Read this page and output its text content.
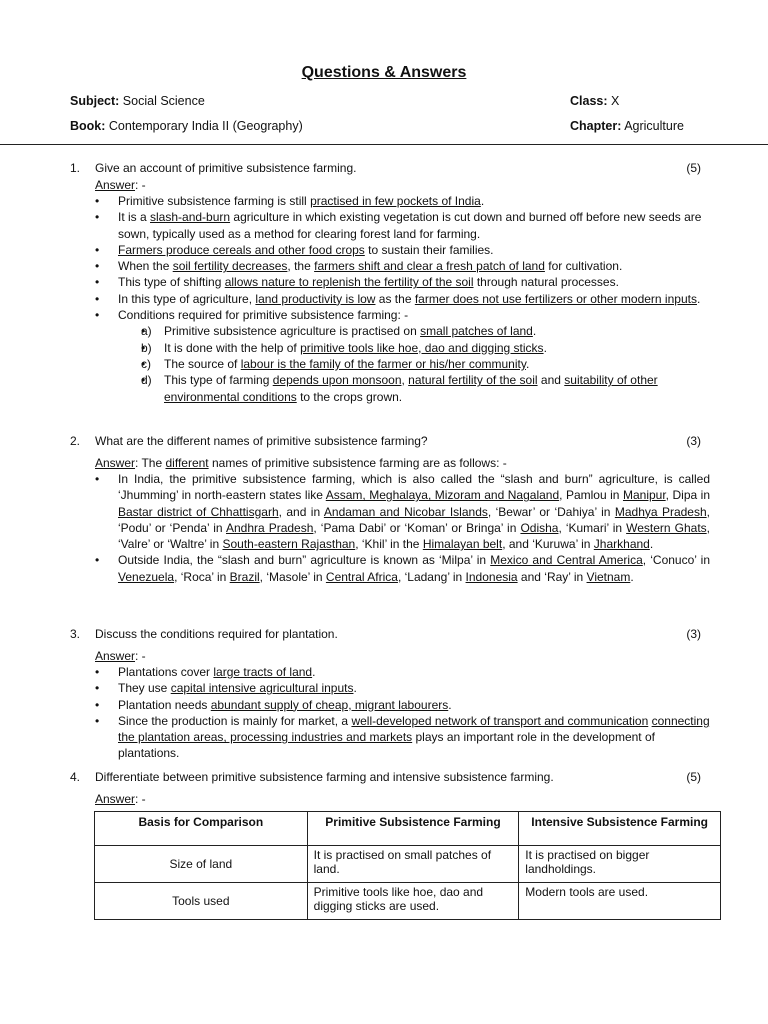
Questions & Answers
Subject: Social Science	Class: X
Book: Contemporary India II (Geography)	Chapter: Agriculture
1. Give an account of primitive subsistence farming.	(5)
Answer: -
• Primitive subsistence farming is still practised in few pockets of India.
• It is a slash-and-burn agriculture in which existing vegetation is cut down and burned off before new seeds are sown, typically used as a method for clearing forest land for farming.
• Farmers produce cereals and other food crops to sustain their families.
• When the soil fertility decreases, the farmers shift and clear a fresh patch of land for cultivation.
• This type of shifting allows nature to replenish the fertility of the soil through natural processes.
• In this type of agriculture, land productivity is low as the farmer does not use fertilizers or other modern inputs.
• Conditions required for primitive subsistence farming: -
• a) Primitive subsistence agriculture is practised on small patches of land.
• b) It is done with the help of primitive tools like hoe, dao and digging sticks.
• c) The source of labour is the family of the farmer or his/her community.
• d) This type of farming depends upon monsoon, natural fertility of the soil and suitability of other environmental conditions to the crops grown.
2. What are the different names of primitive subsistence farming?	(3)
Answer: The different names of primitive subsistence farming are as follows: -
• In India, the primitive subsistence farming, which is also called the “slash and burn” agriculture, is called ‘Jhumming’ in north-eastern states like Assam, Meghalaya, Mizoram and Nagaland, Pamlou in Manipur, Dipa in Bastar district of Chhattisgarh, and in Andaman and Nicobar Islands, ‘Bewar’ or ‘Dahiya’ in Madhya Pradesh, ‘Podu’ or ‘Penda’ in Andhra Pradesh, ‘Pama Dabi’ or ‘Koman’ or Bringa’ in Odisha, ‘Kumari’ in Western Ghats, ‘Valre’ or ‘Waltre’ in South-eastern Rajasthan, ‘Khil’ in the Himalayan belt, and ‘Kuruwa’ in Jharkhand.
• Outside India, the “slash and burn” agriculture is known as ‘Milpa’ in Mexico and Central America, ‘Conuco’ in Venezuela, ‘Roca’ in Brazil, ‘Masole’ in Central Africa, ‘Ladang’ in Indonesia and ‘Ray’ in Vietnam.
3. Discuss the conditions required for plantation.	(3)
Answer: -
• Plantations cover large tracts of land.
• They use capital intensive agricultural inputs.
• Plantation needs abundant supply of cheap, migrant labourers.
• Since the production is mainly for market, a well-developed network of transport and communication connecting the plantation areas, processing industries and markets plays an important role in the development of plantations.
4. Differentiate between primitive subsistence farming and intensive subsistence farming.	(5)
Answer: -
Basis for Comparison	Primitive Subsistence Farming	Intensive Subsistence Farming
Size of land	It is practised on small patches of land.	It is practised on bigger landholdings.
Tools used	Primitive tools like hoe, dao and digging sticks are used.	Modern tools are used.
